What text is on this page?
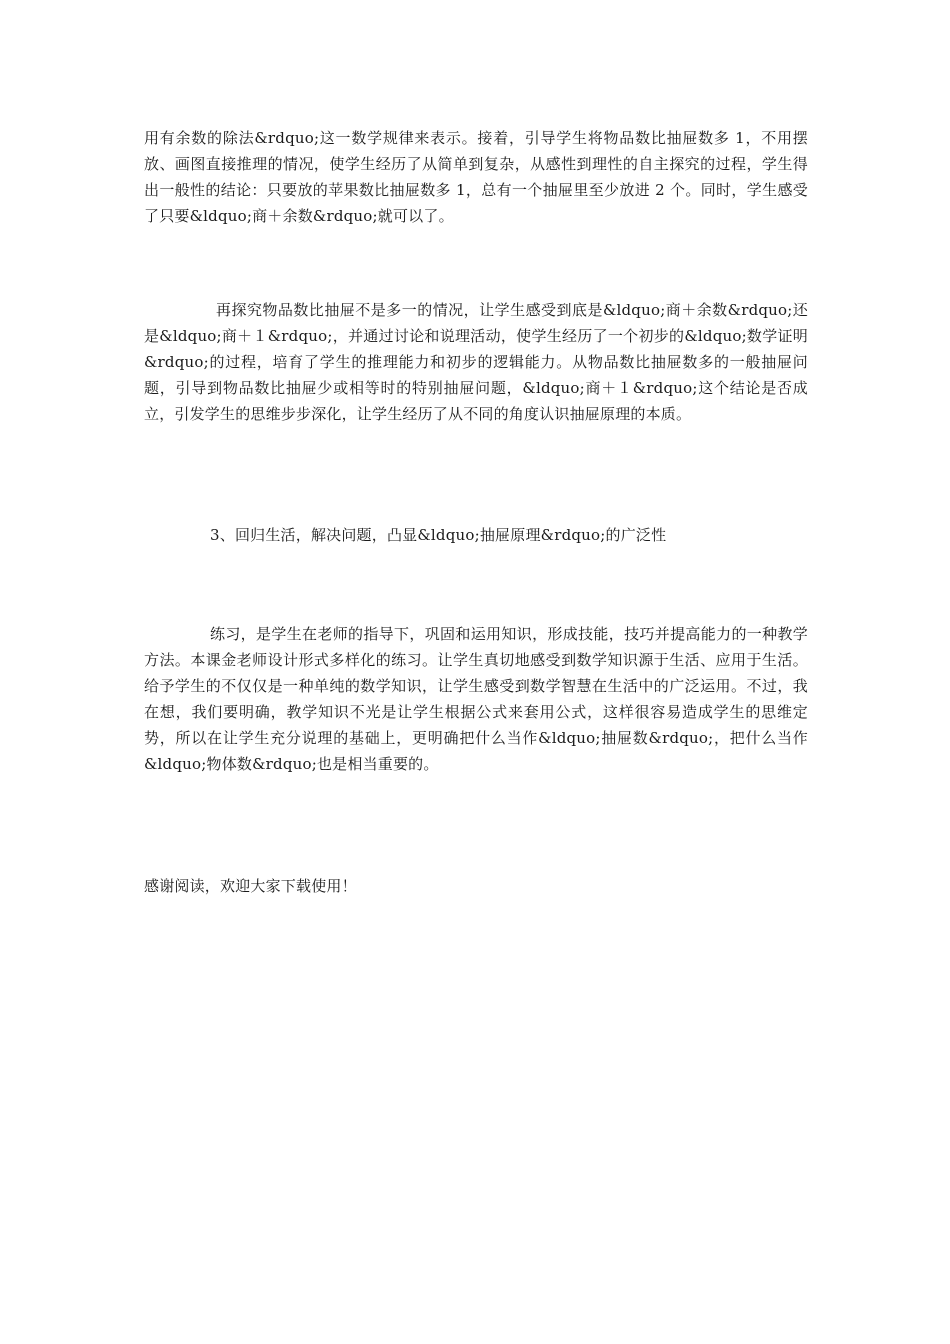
用有余数的除法&rdquo;这一数学规律来表示。接着，引导学生将物品数比抽屉数多 1，不用摆放、画图直接推理的情况，使学生经历了从简单到复杂，从感性到理性的自主探究的过程，学生得出一般性的结论：只要放的苹果数比抽屉数多 1，总有一个抽屉里至少放进 2 个。同时，学生感受了只要&ldquo;商＋余数&rdquo;就可以了。

再探究物品数比抽屉不是多一的情况，让学生感受到底是&ldquo;商＋余数&rdquo;还是&ldquo;商＋１&rdquo;，并通过讨论和说理活动，使学生经历了一个初步的&ldquo;数学证明&rdquo;的过程，培育了学生的推理能力和初步的逻辑能力。从物品数比抽屉数多的一般抽屉问题，引导到物品数比抽屉少或相等时的特别抽屉问题，&ldquo;商＋１&rdquo;这个结论是否成立，引发学生的思维步步深化，让学生经历了从不同的角度认识抽屉原理的本质。

3、回归生活，解决问题，凸显&ldquo;抽屉原理&rdquo;的广泛性

练习，是学生在老师的指导下，巩固和运用知识，形成技能，技巧并提高能力的一种教学方法。本课金老师设计形式多样化的练习。让学生真切地感受到数学知识源于生活、应用于生活。给予学生的不仅仅是一种单纯的数学知识，让学生感受到数学智慧在生活中的广泛运用。不过，我在想，我们要明确，教学知识不光是让学生根据公式来套用公式，这样很容易造成学生的思维定势，所以在让学生充分说理的基础上，更明确把什么当作&ldquo;抽屉数&rdquo;，把什么当作&ldquo;物体数&rdquo;也是相当重要的。

感谢阅读，欢迎大家下载使用！
